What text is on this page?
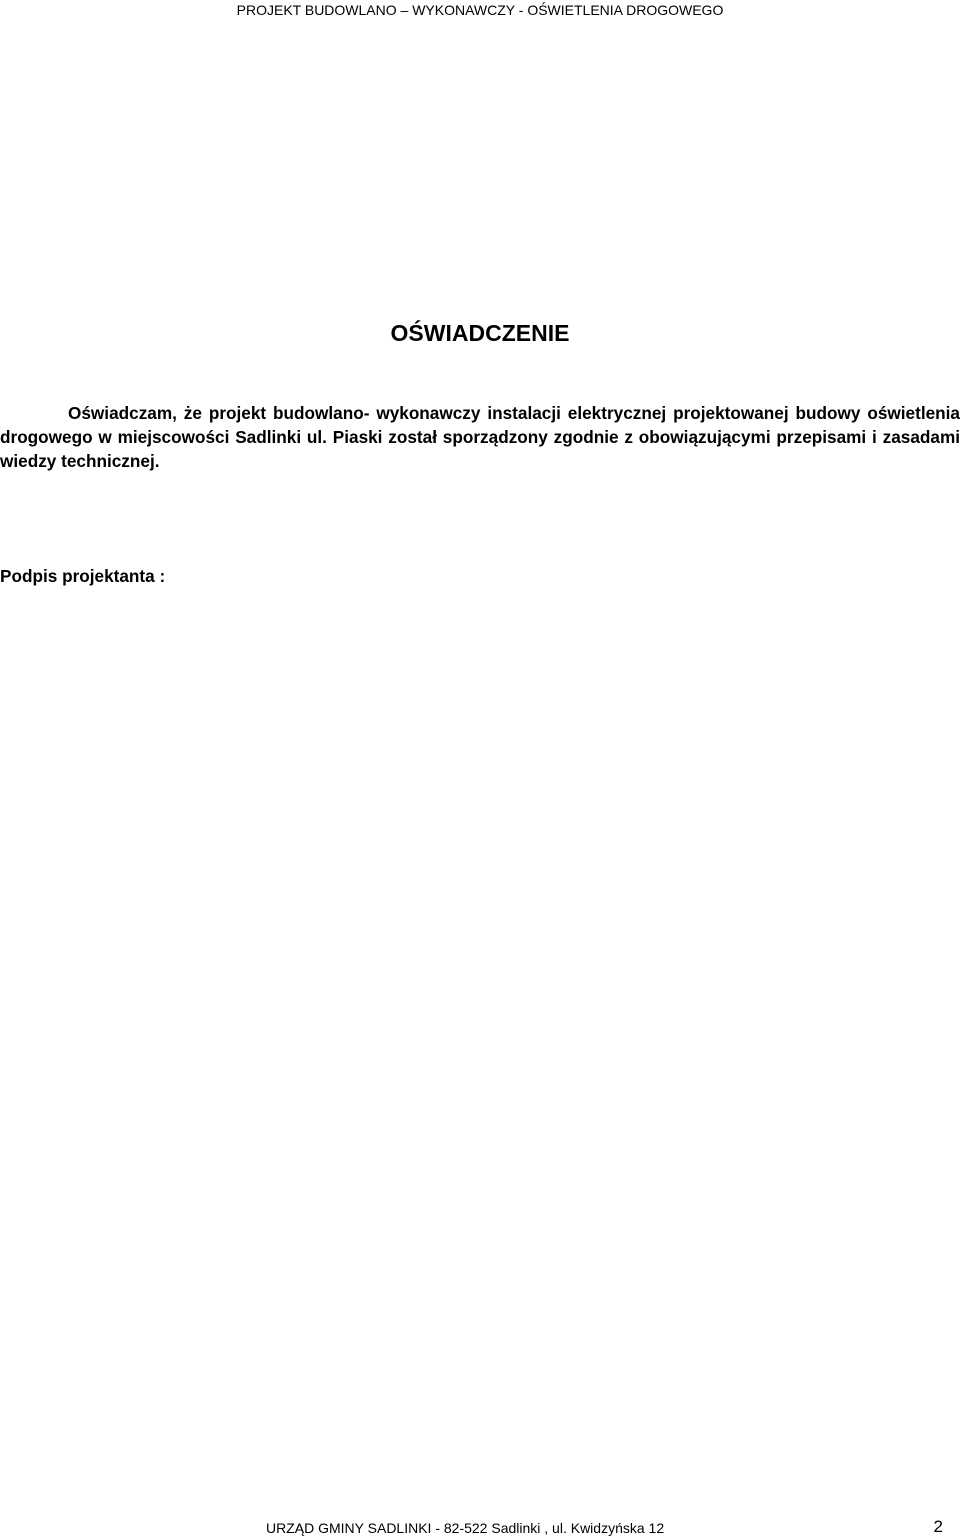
PROJEKT BUDOWLANO – WYKONAWCZY - OŚWIETLENIA DROGOWEGO
OŚWIADCZENIE

Oświadczam, że projekt budowlano- wykonawczy instalacji elektrycznej projektowanej budowy oświetlenia drogowego w miejscowości Sadlinki ul. Piaski został sporządzony zgodnie z obowiązującymi przepisami i zasadami wiedzy technicznej.

Podpis projektanta :
URZĄD GMINY SADLINKI - 82-522 Sadlinki , ul. Kwidzyńska 12	2
